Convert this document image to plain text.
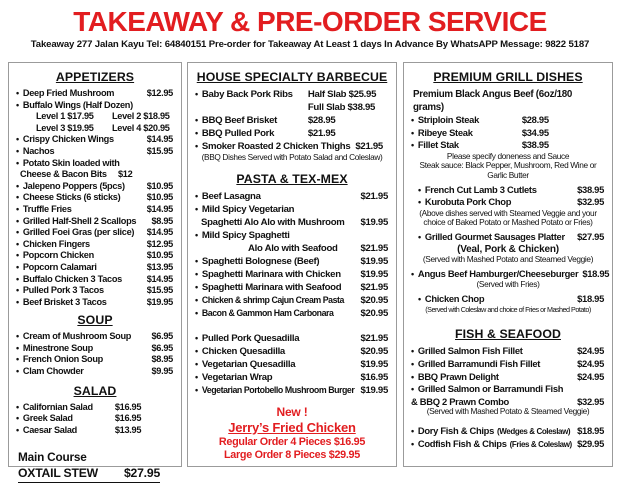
TAKEAWAY & PRE-ORDER SERVICE
Takeaway 277 Jalan Kayu Tel: 64840151 Pre-order for Takeaway At Least 1 days In Advance By WhatsAPP Message: 9822 5187
APPETIZERS
• Deep Fried Mushroom	$12.95
• Buffalo Wings (Half Dozen)
Level 1 $17.95	Level 2 $18.95
Level 3 $19.95	Level 4 $20.95
• Crispy Chicken Wings	$14.95
• Nachos	$15.95
• Potato Skin loaded with
Cheese & Bacon Bits	$12
• Jalepeno Poppers (5pcs)	$10.95
• Cheese Sticks (6 sticks)	$10.95
• Truffle Fries	$14.95
• Grilled Half-Shell 2 Scallops	$8.95
• Grilled Foei Gras (per slice)	$14.95
• Chicken Fingers	$12.95
• Popcorn Chicken	$10.95
• Popcorn Calamari	$13.95
• Buffalo Chicken 3 Tacos	$14.95
• Pulled Pork 3 Tacos	$15.95
• Beef Brisket 3 Tacos	$19.95
SOUP
• Cream of Mushroom Soup	$6.95
• Minestrone Soup	$6.95
• French Onion Soup	$8.95
• Clam Chowder	$9.95
SALAD
• Californian Salad	$16.95
• Greek Salad	$16.95
• Caesar Salad	$13.95
Main Course
OXTAIL STEW $27.95
HOUSE SPECIALTY BARBECUE
• Baby Back Pork Ribs	Half Slab $25.95
Full Slab $38.95
• BBQ Beef Brisket	$28.95
• BBQ Pulled Pork	$21.95
• Smoker Roasted 2 Chicken Thighs $21.95
(BBQ Dishes Served with Potato Salad and Coleslaw)
PASTA & TEX-MEX
• Beef Lasagna	$21.95
• Mild Spicy Vegetarian
Spaghetti Alo Alo with Mushroom	$19.95
• Mild Spicy Spaghetti
Alo Alo with Seafood	$21.95
• Spaghetti Bolognese (Beef)	$19.95
• Spaghetti Marinara with Chicken	$19.95
• Spaghetti Marinara with Seafood	$21.95
• Chicken & shrimp Cajun Cream Pasta	$20.95
• Bacon & Gammon Ham Carbonara	$20.95
• Pulled Pork Quesadilla	$21.95
• Chicken Quesadilla	$20.95
• Vegetarian Quesadilla	$19.95
• Vegetarian Wrap	$16.95
• Vegetarian Portobello Mushroom Burger $19.95
New !
Jerry’s Fried Chicken
Regular Order 4 Pieces $16.95
Large Order 8 Pieces $29.95
PREMIUM GRILL DISHES
Premium Black Angus Beef (6oz/180 grams)
• Striploin Steak	$28.95
• Ribeye Steak	$34.95
• Fillet Stak	$38.95
Please specify doneness and Sauce
Steak sauce: Black Pepper, Mushroom, Red Wine or Garlic Butter
• French Cut Lamb 3 Cutlets	$38.95
• Kurobuta Pork Chop	$32.95
(Above dishes served with Steamed Veggie and your choice of Baked Potato or Mashed Potato or Fries)
• Grilled Gourmet Sausages Platter	$27.95
(Veal, Pork & Chicken)
(Served with Mashed Potato and Steamed Veggie)
• Angus Beef Hamburger/Cheeseburger $18.95
(Served with Fries)
• Chicken Chop	$18.95
(Served with Coleslaw and choice of Fries or Mashed Potato)
FISH & SEAFOOD
• Grilled Salmon Fish Fillet	$24.95
• Grilled Barramundi Fish Fillet	$24.95
• BBQ Prawn Delight	$24.95
• Grilled Salmon or Barramundi Fish
& BBQ 2 Prawn Combo	$32.95
(Served with Mashed Potato & Steamed Veggie)
• Dory Fish & Chips (Wedges & Coleslaw) $18.95
• Codfish Fish & Chips (Fries & Coleslaw) $29.95
